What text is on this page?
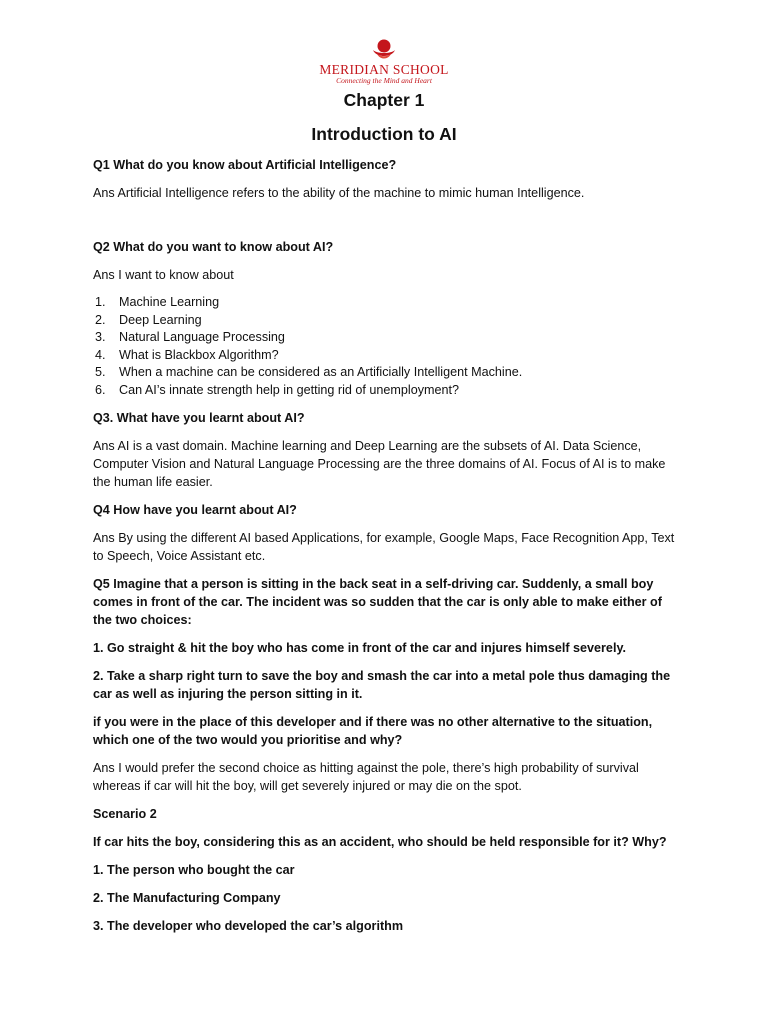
MERIDIAN SCHOOL
Connecting the Mind and Heart
Chapter 1
Introduction to AI

Q1 What do you know about Artificial Intelligence?

Ans Artificial Intelligence refers to the ability of the machine to mimic human Intelligence.

Q2 What do you want to know about AI?

Ans I want to know about

1. Machine Learning
2. Deep Learning
3. Natural Language Processing
4. What is Blackbox Algorithm?
5. When a machine can be considered as an Artificially Intelligent Machine.
6. Can AI’s innate strength help in getting rid of unemployment?

Q3. What have you learnt about AI?

Ans AI is a vast domain. Machine learning and Deep Learning are the subsets of AI. Data Science, Computer Vision and Natural Language Processing are the three domains of AI. Focus of AI is to make the human life easier.

Q4 How have you learnt about AI?

Ans By using the different AI based Applications, for example, Google Maps, Face Recognition App, Text to Speech, Voice Assistant etc.

Q5 Imagine that a person is sitting in the back seat in a self-driving car. Suddenly, a small boy comes in front of the car. The incident was so sudden that the car is only able to make either of the two choices:

1. Go straight & hit the boy who has come in front of the car and injures himself severely.

2. Take a sharp right turn to save the boy and smash the car into a metal pole thus damaging the car as well as injuring the person sitting in it.

if you were in the place of this developer and if there was no other alternative to the situation, which one of the two would you prioritise and why?

Ans I would prefer the second choice as hitting against the pole, there’s high probability of survival whereas if car will hit the boy, will get severely injured or may die on the spot.

Scenario 2

If car hits the boy, considering this as an accident, who should be held responsible for it? Why?

1. The person who bought the car

2. The Manufacturing Company

3. The developer who developed the car’s algorithm
